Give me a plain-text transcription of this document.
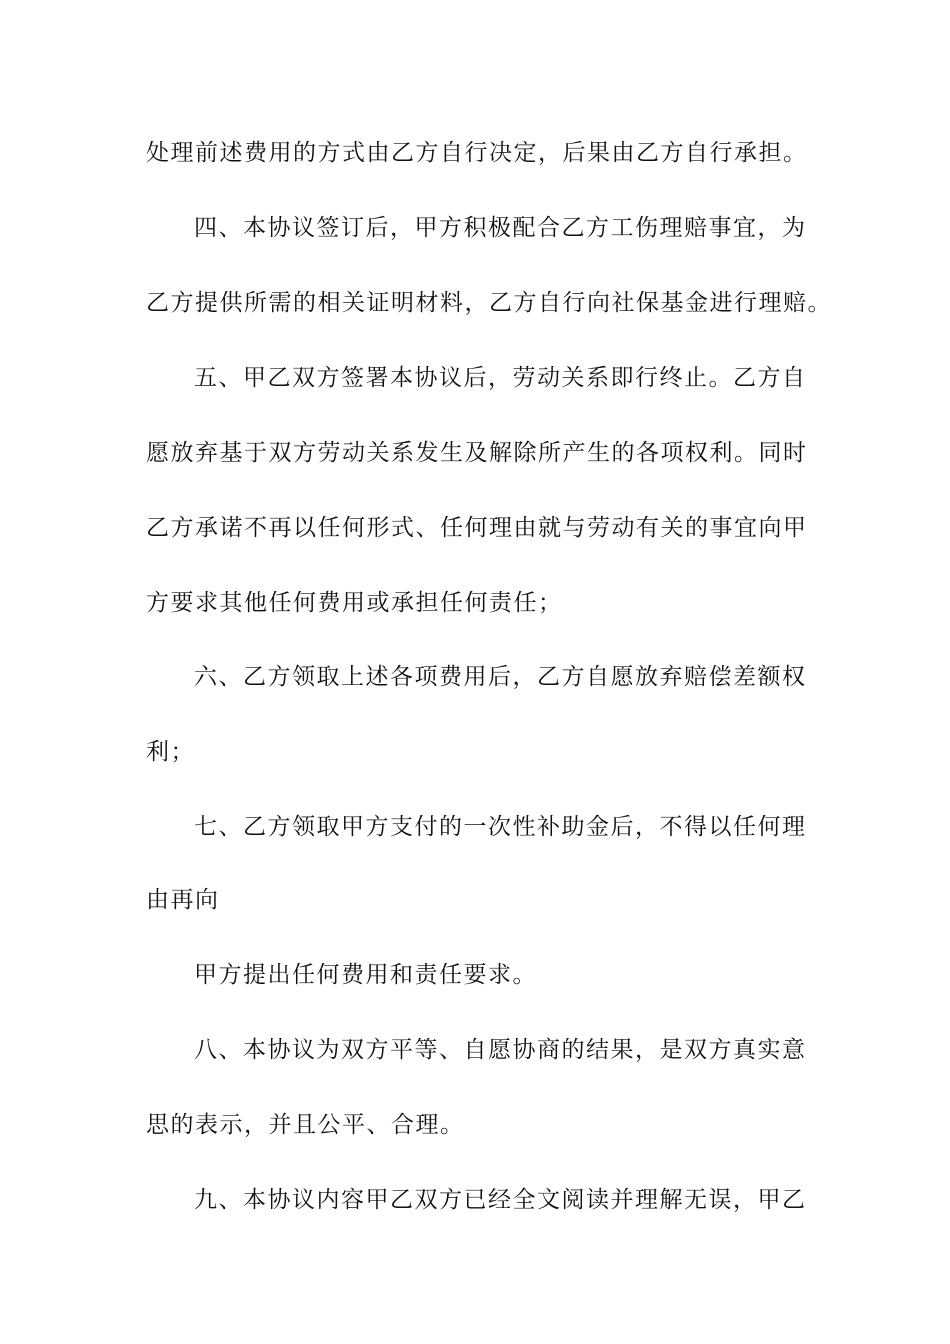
处理前述费用的方式由乙方自行决定，后果由乙方自行承担。
四、本协议签订后，甲方积极配合乙方工伤理赔事宜，为
乙方提供所需的相关证明材料，乙方自行向社保基金进行理赔。
五、甲乙双方签署本协议后，劳动关系即行终止。乙方自
愿放弃基于双方劳动关系发生及解除所产生的各项权利。同时
乙方承诺不再以任何形式、任何理由就与劳动有关的事宜向甲
方要求其他任何费用或承担任何责任；
六、乙方领取上述各项费用后，乙方自愿放弃赔偿差额权
利；
七、乙方领取甲方支付的一次性补助金后，不得以任何理
由再向
甲方提出任何费用和责任要求。
八、本协议为双方平等、自愿协商的结果，是双方真实意
思的表示，并且公平、合理。
九、本协议内容甲乙双方已经全文阅读并理解无误，甲乙
